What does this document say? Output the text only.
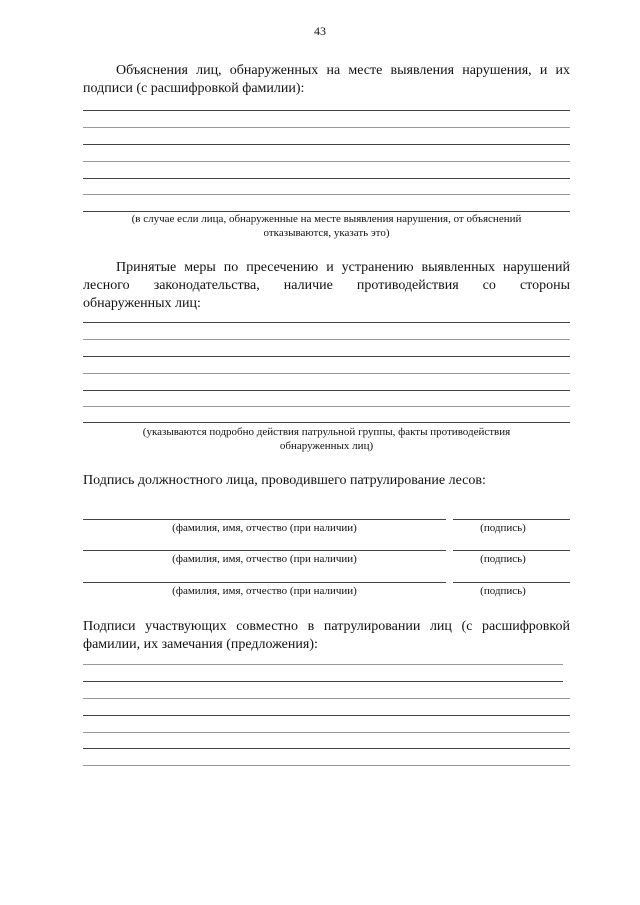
43

Объяснения лиц, обнаруженных на месте выявления нарушения, и их

подписи (с расшифровкой фамилии):

(в случае если лица, обнаруженные на месте выявления нарушения, от объяснений

отказываются, указать это)

Принятые меры по пресечению и устранению выявленных нарушений

лесного законодательства, наличие противодействия со стороны

обнаруженных лиц:

(указываются подробно действия патрульной группы, факты противодействия

обнаруженных лиц)

Подпись должностного лица, проводившего патрулирование лесов:

(фамилия, имя, отчество (при наличии)	(подпись)
(фамилия, имя, отчество (при наличии)	(подпись)
(фамилия, имя, отчество (при наличии)	(подпись)

Подписи участвующих совместно в патрулировании лиц (с расшифровкой

фамилии, их замечания (предложения):
